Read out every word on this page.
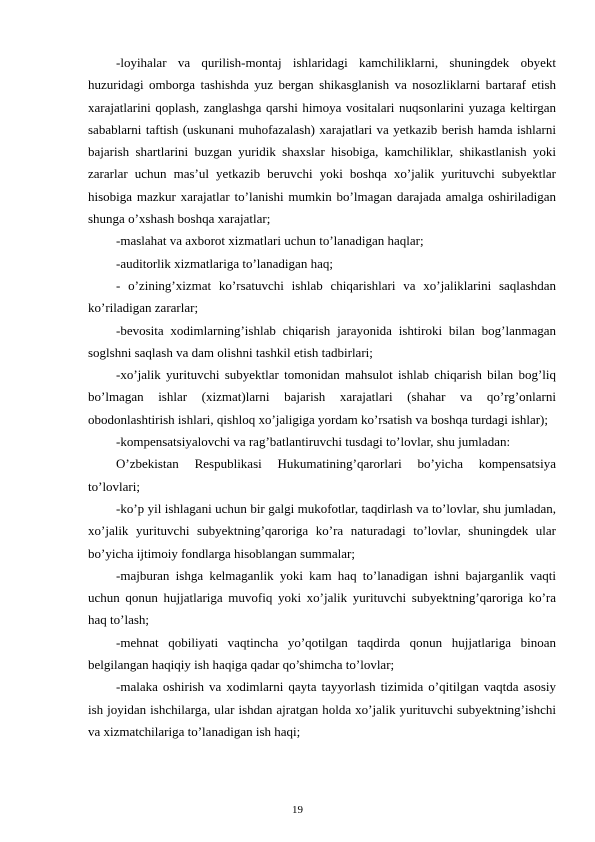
-loyihalar va qurilish-montaj ishlaridagi kamchiliklarni, shuningdek obyekt huzuridagi omborga tashishda yuz bergan shikasglanish va nosozliklarni bartaraf etish xarajatlarini qoplash, zanglashga qarshi himoya vositalari nuqsonlarini yuzaga keltirgan sabablarni taftish (uskunani muhofazalash) xarajatlari va yetkazib berish hamda ishlarni bajarish shartlarini buzgan yuridik shaxslar hisobiga, kamchiliklar, shikastlanish yoki zararlar uchun mas’ul yetkazib beruvchi yoki boshqa xo’jalik yurituvchi subyektlar hisobiga mazkur xarajatlar to’lanishi mumkin bo’lmagan darajada amalga oshiriladigan shunga o’xshash boshqa xarajatlar;

-maslahat va axborot xizmatlari uchun to’lanadigan haqlar;

-auditorlik xizmatlariga to’lanadigan haq;

- o’zining’xizmat ko’rsatuvchi ishlab chiqarishlari va xo’jaliklarini saqlashdan ko’riladigan zararlar;

-bevosita xodimlarning’ishlab chiqarish jarayonida ishtiroki bilan bog’lanmagan soglshni saqlash va dam olishni tashkil etish tadbirlari;

-xo’jalik yurituvchi subyektlar tomonidan mahsulot ishlab chiqarish bilan bog’liq bo’lmagan ishlar (xizmat)larni bajarish xarajatlari (shahar va qo’rg’onlarni obodonlashtirish ishlari, qishloq xo’jaligiga yordam ko’rsatish va boshqa turdagi ishlar);

-kompensatsiyalovchi va rag’batlantiruvchi tusdagi to’lovlar, shu jumladan:

O’zbekistan Respublikasi Hukumatining’qarorlari bo’yicha kompensatsiya to’lovlari;

-ko’p yil ishlagani uchun bir galgi mukofotlar, taqdirlash va to’lovlar, shu jumladan, xo’jalik yurituvchi subyektning’qaroriga ko’ra naturadagi to’lovlar, shuningdek ular bo’yicha ijtimoiy fondlarga hisoblangan summalar;

-majburan ishga kelmaganlik yoki kam haq to’lanadigan ishni bajarganlik vaqti uchun qonun hujjatlariga muvofiq yoki xo’jalik yurituvchi subyektning’qaroriga ko’ra haq to’lash;

-mehnat qobiliyati vaqtincha yo’qotilgan taqdirda qonun hujjatlariga binoan belgilangan haqiqiy ish haqiga qadar qo’shimcha to’lovlar;

-malaka oshirish va xodimlarni qayta tayyorlash tizimida o’qitilgan vaqtda asosiy ish joyidan ishchilarga, ular ishdan ajratgan holda xo’jalik yurituvchi subyektning’ishchi va xizmatchilariga to’lanadigan ish haqi;

19
